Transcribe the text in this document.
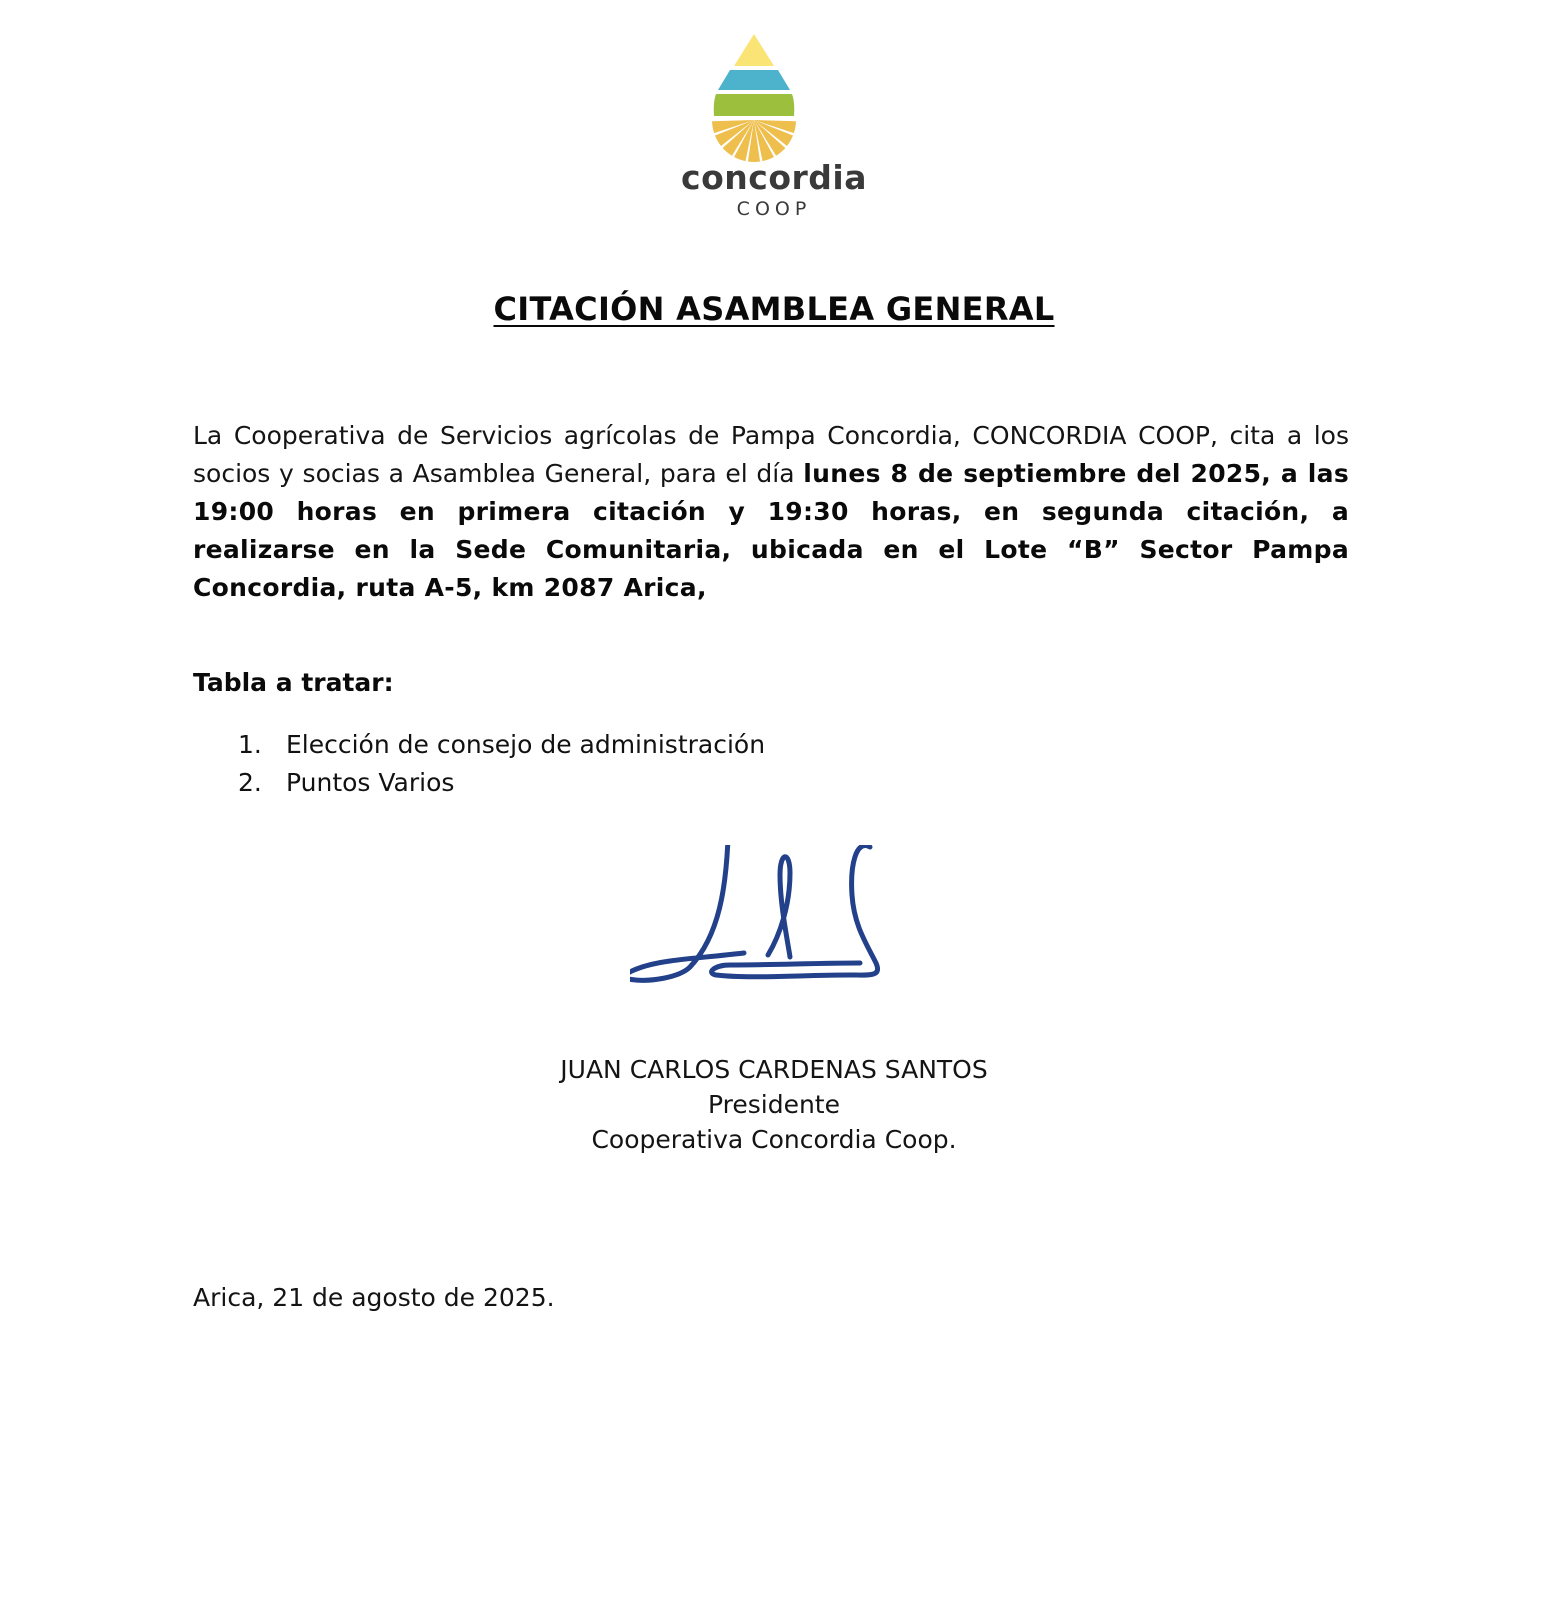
concordia
COOP
CITACIÓN ASAMBLEA GENERAL

La Cooperativa de Servicios agrícolas de Pampa Concordia, CONCORDIA COOP, cita a los socios y socias a Asamblea General, para el día lunes 8 de septiembre del 2025, a las 19:00 horas en primera citación y 19:30 horas, en segunda citación, a realizarse en la Sede Comunitaria, ubicada en el Lote “B” Sector Pampa Concordia, ruta A-5, km 2087 Arica,

Tabla a tratar:
1. Elección de consejo de administración
2. Puntos Varios
JUAN CARLOS CARDENAS SANTOS
Presidente
Cooperativa Concordia Coop.
Arica, 21 de agosto de 2025.
